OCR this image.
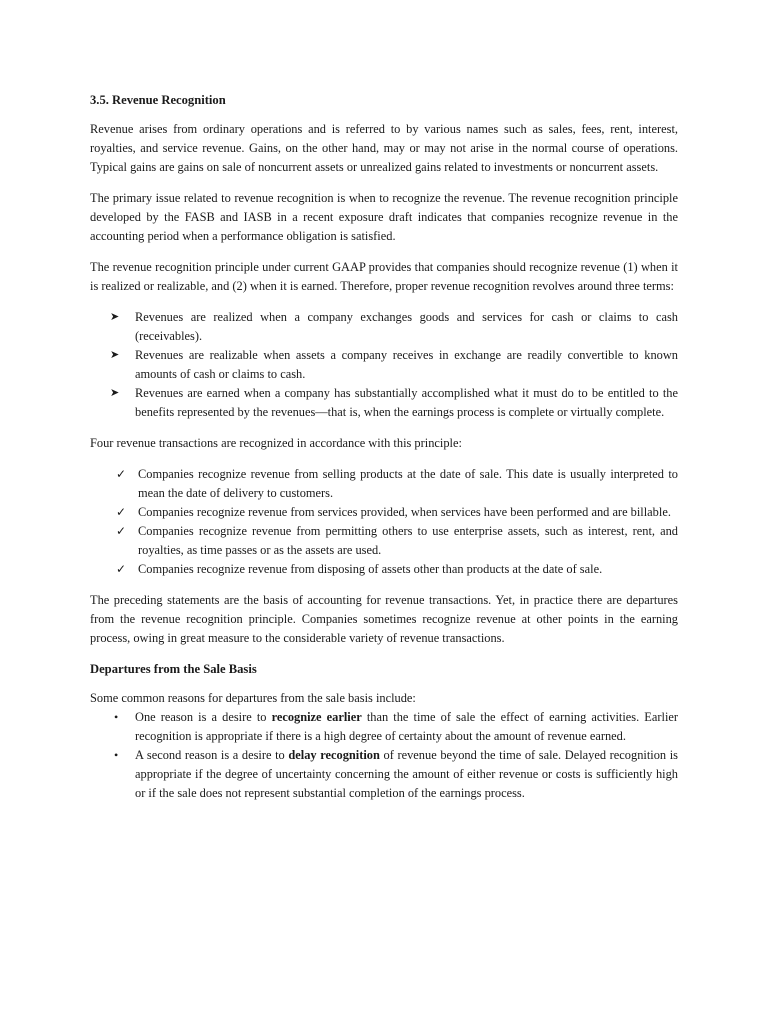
3.5. Revenue Recognition

Revenue arises from ordinary operations and is referred to by various names such as sales, fees, rent, interest, royalties, and service revenue. Gains, on the other hand, may or may not arise in the normal course of operations. Typical gains are gains on sale of noncurrent assets or unrealized gains related to investments or noncurrent assets.

The primary issue related to revenue recognition is when to recognize the revenue. The revenue recognition principle developed by the FASB and IASB in a recent exposure draft indicates that companies recognize revenue in the accounting period when a performance obligation is satisfied.

The revenue recognition principle under current GAAP provides that companies should recognize revenue (1) when it is realized or realizable, and (2) when it is earned. Therefore, proper revenue recognition revolves around three terms:

➤ Revenues are realized when a company exchanges goods and services for cash or claims to cash (receivables).
➤ Revenues are realizable when assets a company receives in exchange are readily convertible to known amounts of cash or claims to cash.
➤ Revenues are earned when a company has substantially accomplished what it must do to be entitled to the benefits represented by the revenues—that is, when the earnings process is complete or virtually complete.

Four revenue transactions are recognized in accordance with this principle:

✓ Companies recognize revenue from selling products at the date of sale. This date is usually interpreted to mean the date of delivery to customers.
✓ Companies recognize revenue from services provided, when services have been performed and are billable.
✓ Companies recognize revenue from permitting others to use enterprise assets, such as interest, rent, and royalties, as time passes or as the assets are used.
✓ Companies recognize revenue from disposing of assets other than products at the date of sale.

The preceding statements are the basis of accounting for revenue transactions. Yet, in practice there are departures from the revenue recognition principle. Companies sometimes recognize revenue at other points in the earning process, owing in great measure to the considerable variety of revenue transactions.

Departures from the Sale Basis

Some common reasons for departures from the sale basis include:

• One reason is a desire to recognize earlier than the time of sale the effect of earning activities. Earlier recognition is appropriate if there is a high degree of certainty about the amount of revenue earned.
• A second reason is a desire to delay recognition of revenue beyond the time of sale. Delayed recognition is appropriate if the degree of uncertainty concerning the amount of either revenue or costs is sufficiently high or if the sale does not represent substantial completion of the earnings process.
